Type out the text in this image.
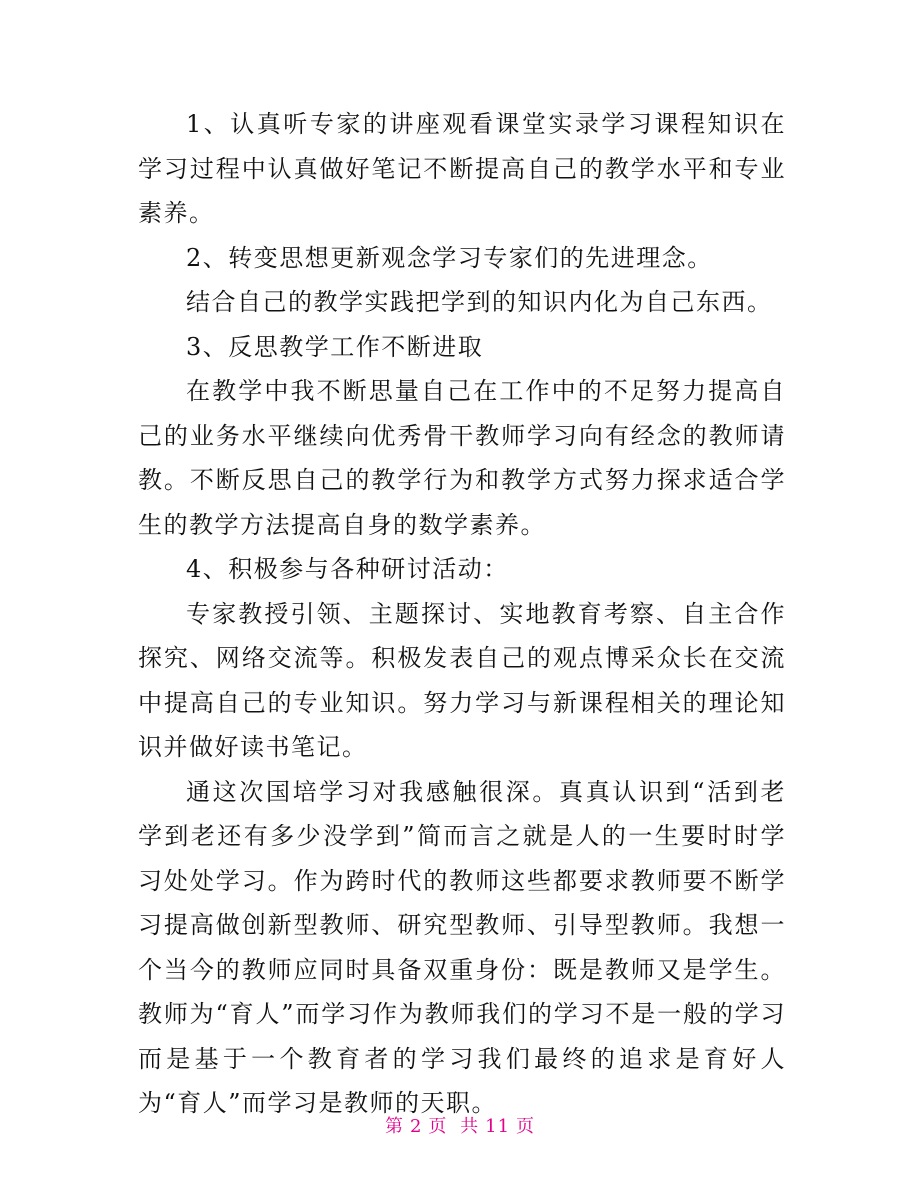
1、认真听专家的讲座观看课堂实录学习课程知识在学习过程中认真做好笔记不断提高自己的教学水平和专业素养。

2、转变思想更新观念学习专家们的先进理念。

结合自己的教学实践把学到的知识内化为自己东西。

3、反思教学工作不断进取

在教学中我不断思量自己在工作中的不足努力提高自己的业务水平继续向优秀骨干教师学习向有经念的教师请教。不断反思自己的教学行为和教学方式努力探求适合学生的教学方法提高自身的数学素养。

4、积极参与各种研讨活动：

专家教授引领、主题探讨、实地教育考察、自主合作探究、网络交流等。积极发表自己的观点博采众长在交流中提高自己的专业知识。努力学习与新课程相关的理论知识并做好读书笔记。

通这次国培学习对我感触很深。真真认识到“活到老学到老还有多少没学到”简而言之就是人的一生要时时学习处处学习。作为跨时代的教师这些都要求教师要不断学习提高做创新型教师、研究型教师、引导型教师。我想一个当今的教师应同时具备双重身份：既是教师又是学生。教师为“育人”而学习作为教师我们的学习不是一般的学习而是基于一个教育者的学习我们最终的追求是育好人为“育人”而学习是教师的天职。

第 2 页 共 11 页
